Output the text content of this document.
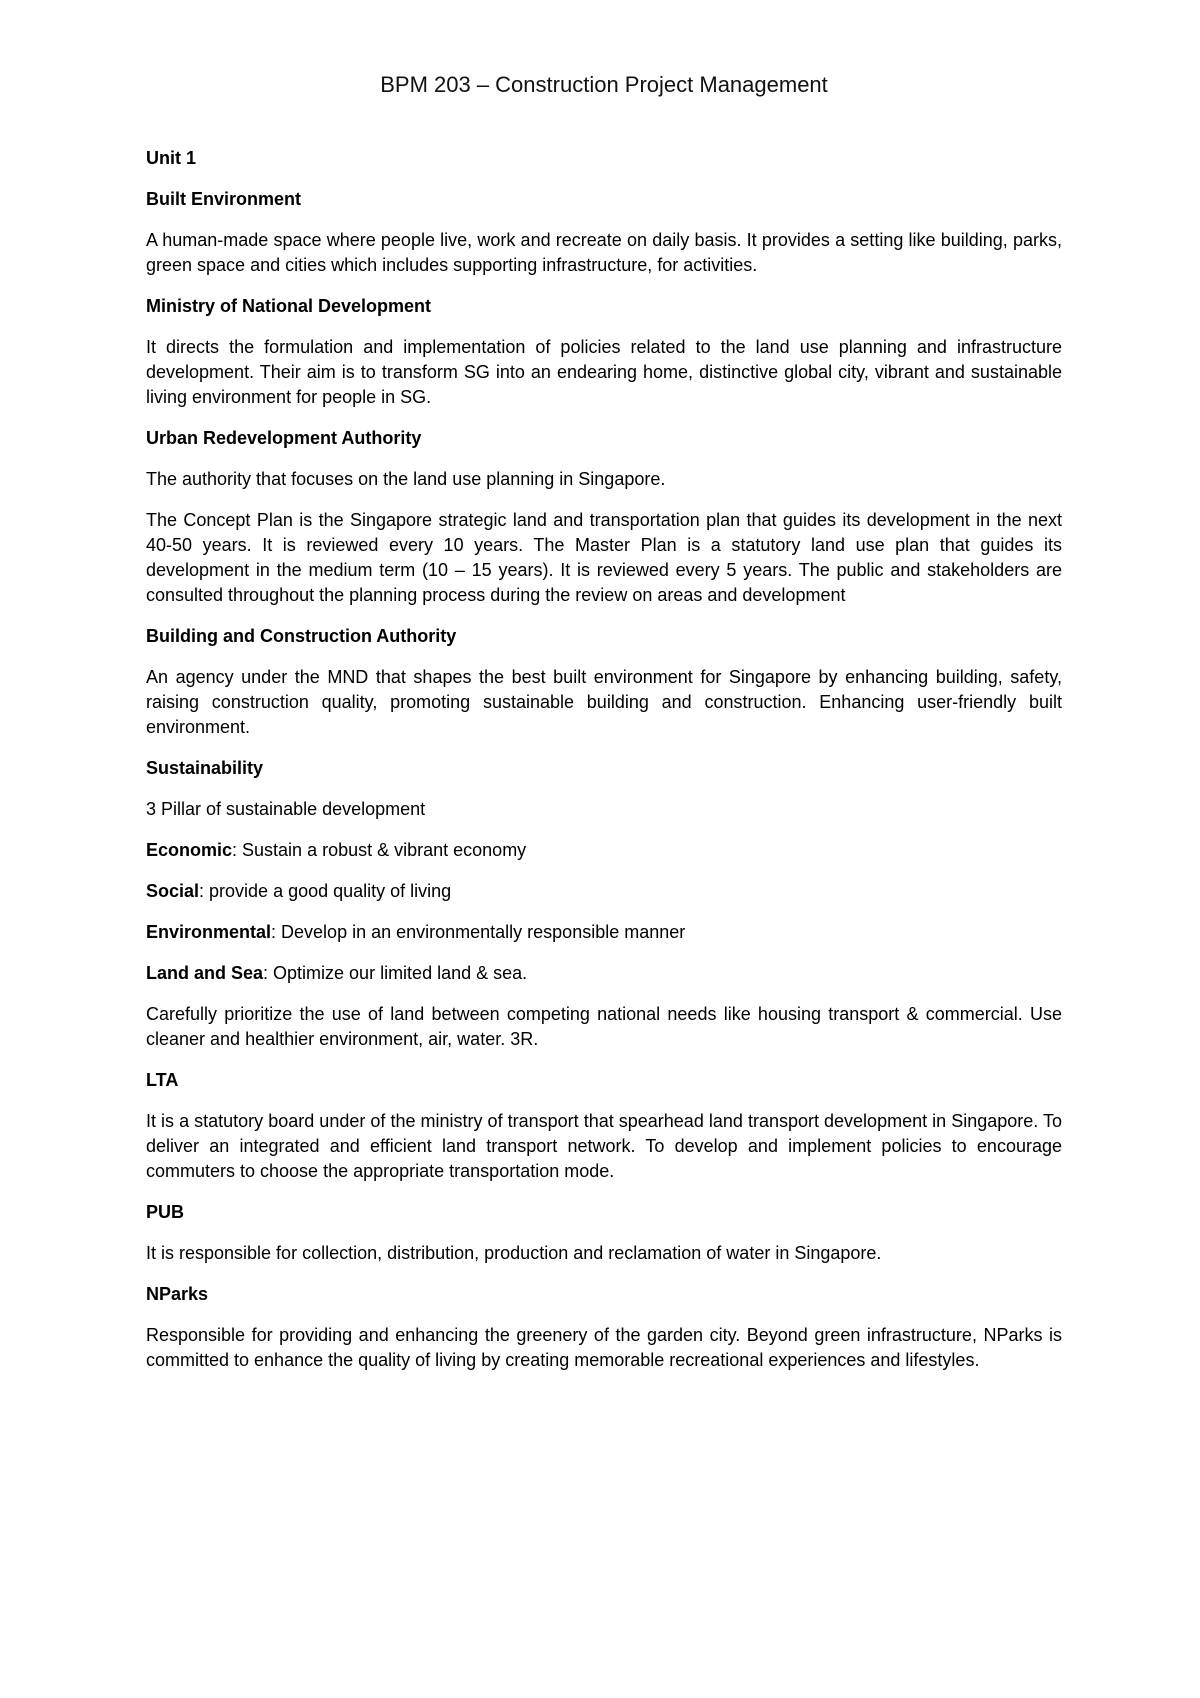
BPM 203 – Construction Project Management

Unit 1

Built Environment

A human-made space where people live, work and recreate on daily basis. It provides a setting like building, parks, green space and cities which includes supporting infrastructure, for activities.

Ministry of National Development

It directs the formulation and implementation of policies related to the land use planning and infrastructure development. Their aim is to transform SG into an endearing home, distinctive global city, vibrant and sustainable living environment for people in SG.

Urban Redevelopment Authority

The authority that focuses on the land use planning in Singapore.

The Concept Plan is the Singapore strategic land and transportation plan that guides its development in the next 40-50 years. It is reviewed every 10 years. The Master Plan is a statutory land use plan that guides its development in the medium term (10 – 15 years). It is reviewed every 5 years. The public and stakeholders are consulted throughout the planning process during the review on areas and development

Building and Construction Authority

An agency under the MND that shapes the best built environment for Singapore by enhancing building, safety, raising construction quality, promoting sustainable building and construction. Enhancing user-friendly built environment.

Sustainability

3 Pillar of sustainable development

Economic: Sustain a robust & vibrant economy

Social: provide a good quality of living

Environmental: Develop in an environmentally responsible manner

Land and Sea: Optimize our limited land & sea.

Carefully prioritize the use of land between competing national needs like housing transport & commercial. Use cleaner and healthier environment, air, water. 3R.

LTA

It is a statutory board under of the ministry of transport that spearhead land transport development in Singapore. To deliver an integrated and efficient land transport network. To develop and implement policies to encourage commuters to choose the appropriate transportation mode.

PUB

It is responsible for collection, distribution, production and reclamation of water in Singapore.

NParks

Responsible for providing and enhancing the greenery of the garden city. Beyond green infrastructure, NParks is committed to enhance the quality of living by creating memorable recreational experiences and lifestyles.
